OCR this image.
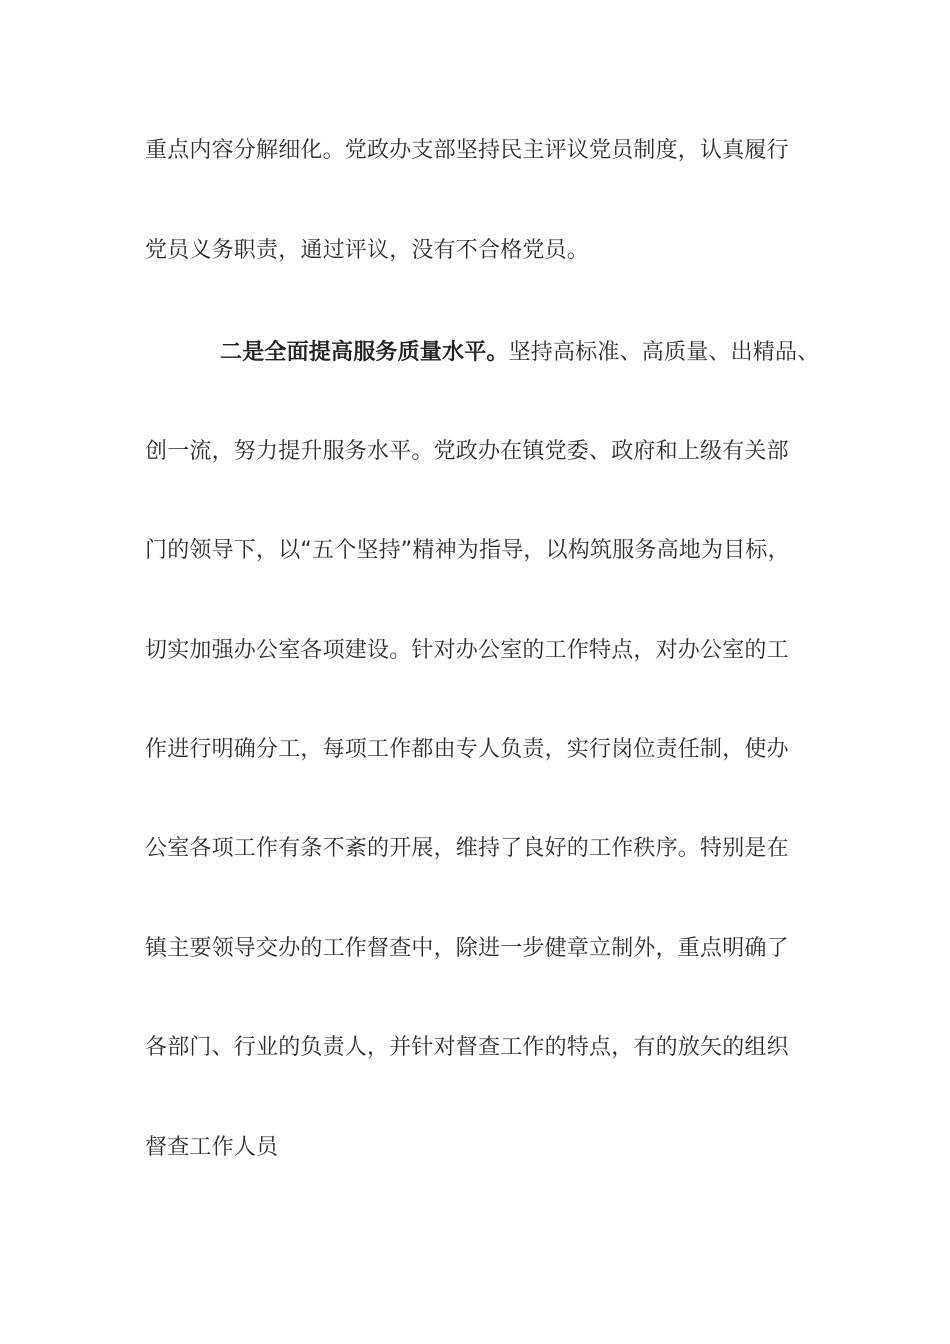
重点内容分解细化。党政办支部坚持民主评议党员制度，认真履行
党员义务职责，通过评议，没有不合格党员。
二是全面提高服务质量水平。坚持高标准、高质量、出精品、
创一流，努力提升服务水平。党政办在镇党委、政府和上级有关部
门的领导下，以“五个坚持”精神为指导，以构筑服务高地为目标，
切实加强办公室各项建设。针对办公室的工作特点，对办公室的工
作进行明确分工，每项工作都由专人负责，实行岗位责任制，使办
公室各项工作有条不紊的开展，维持了良好的工作秩序。特别是在
镇主要领导交办的工作督查中，除进一步健章立制外，重点明确了
各部门、行业的负责人，并针对督查工作的特点，有的放矢的组织
督查工作人员
